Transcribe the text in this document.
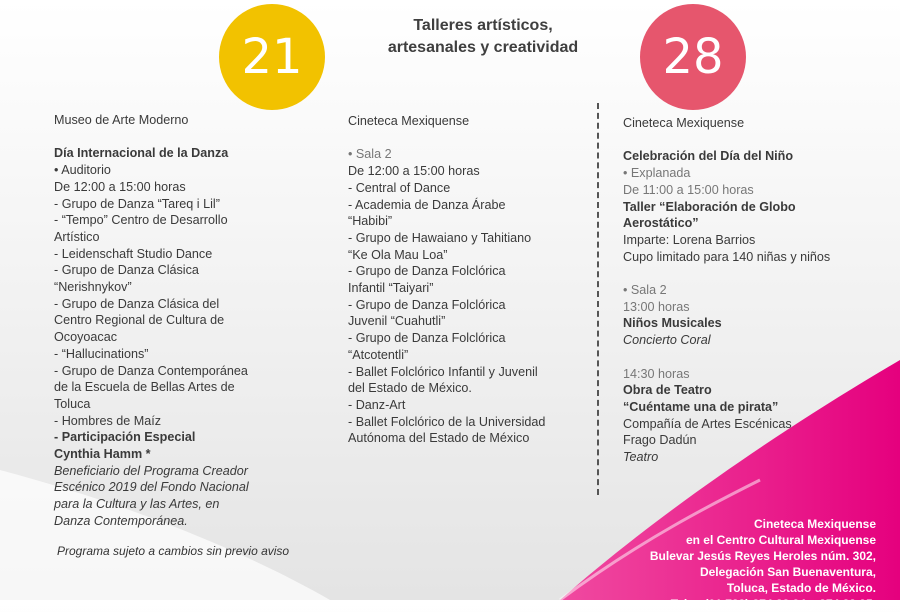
21	28
Talleres artísticos,
artesanales y creatividad
Museo de Arte Moderno
Día Internacional de la Danza
• Auditorio
De 12:00 a 15:00 horas
- Grupo de Danza “Tareq i Lil”
- “Tempo” Centro de Desarrollo
Artístico
- Leidenschaft Studio Dance
- Grupo de Danza Clásica
“Nerishnykov”
- Grupo de Danza Clásica del
Centro Regional de Cultura de
Ocoyoacac
- “Hallucinations”
- Grupo de Danza Contemporánea
de la Escuela de Bellas Artes de
Toluca
- Hombres de Maíz
- Participación Especial
Cynthia Hamm *
Beneficiario del Programa Creador
Escénico 2019 del Fondo Nacional
para la Cultura y las Artes, en
Danza Contemporánea.
Cineteca Mexiquense
• Sala 2
De 12:00 a 15:00 horas
- Central of Dance
- Academia de Danza Árabe
“Habibi”
- Grupo de Hawaiano y Tahitiano
“Ke Ola Mau Loa”
- Grupo de Danza Folclórica
Infantil “Taiyari”
- Grupo de Danza Folclórica
Juvenil “Cuahutli”
- Grupo de Danza Folclórica
“Atcotentli”
- Ballet Folclórico Infantil y Juvenil
del Estado de México.
- Danz-Art
- Ballet Folclórico de la Universidad
Autónoma del Estado de México
Cineteca Mexiquense
Celebración del Día del Niño
• Explanada
De 11:00 a 15:00 horas
Taller “Elaboración de Globo
Aerostático”
Imparte: Lorena Barrios
Cupo limitado para 140 niñas y niños
• Sala 2
13:00 horas
Niños Musicales
Concierto Coral
14:30 horas
Obra de Teatro
“Cuéntame una de pirata”
Compañía de Artes Escénicas
Frago Dadún
Teatro
Programa sujeto a cambios sin previo aviso
Cineteca Mexiquense
en el Centro Cultural Mexiquense
Bulevar Jesús Reyes Heroles núm. 302,
Delegación San Buenaventura,
Toluca, Estado de México.
Tels.: (01 722) 274 23 94 y 274 23 95.
